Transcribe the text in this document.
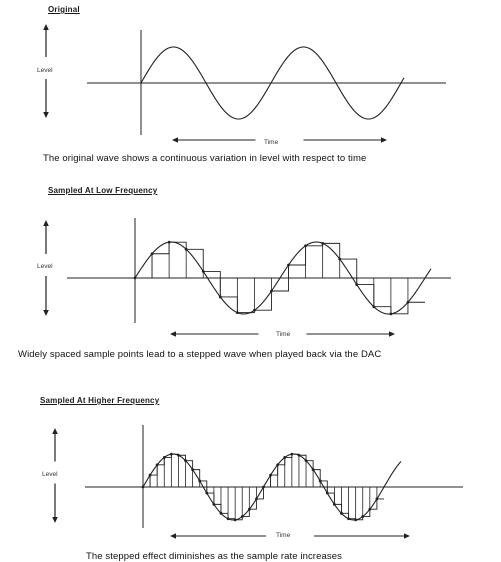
Original
Level
Time
The original wave shows a continuous variation in level with respect to time
Sampled At Low Frequency
Level
Time
Widely spaced sample points lead to a stepped wave when played back via the DAC
Sampled At Higher Frequency
Level
Time
The stepped effect diminishes as the sample rate increases
